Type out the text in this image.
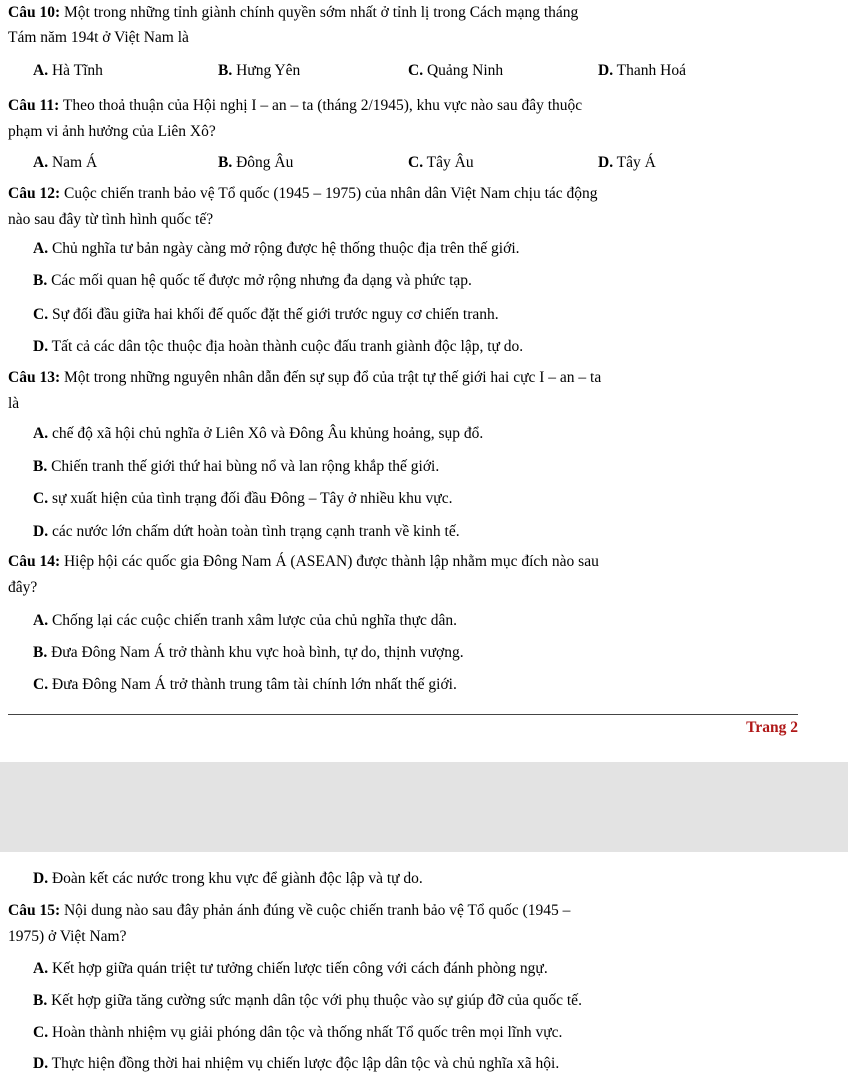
Câu 10: Một trong những tỉnh giành chính quyền sớm nhất ở tỉnh lị trong Cách mạng tháng
Tám năm 194t ở Việt Nam là
A. Hà Tĩnh	B. Hưng Yên	C. Quảng Ninh	D. Thanh Hoá
Câu 11: Theo thoả thuận của Hội nghị I – an – ta (tháng 2/1945), khu vực nào sau đây thuộc
phạm vi ảnh hưởng của Liên Xô?
A. Nam Á	B. Đông Âu	C. Tây Âu	D. Tây Á
Câu 12: Cuộc chiến tranh bảo vệ Tổ quốc (1945 – 1975) của nhân dân Việt Nam chịu tác động
nào sau đây từ tình hình quốc tế?
A. Chủ nghĩa tư bản ngày càng mở rộng được hệ thống thuộc địa trên thế giới.
B. Các mối quan hệ quốc tế được mở rộng nhưng đa dạng và phức tạp.
C. Sự đối đầu giữa hai khối đế quốc đặt thế giới trước nguy cơ chiến tranh.
D. Tất cả các dân tộc thuộc địa hoàn thành cuộc đấu tranh giành độc lập, tự do.
Câu 13: Một trong những nguyên nhân dẫn đến sự sụp đổ của trật tự thế giới hai cực I – an – ta
là
A. chế độ xã hội chủ nghĩa ở Liên Xô và Đông Âu khủng hoảng, sụp đổ.
B. Chiến tranh thế giới thứ hai bùng nổ và lan rộng khắp thế giới.
C. sự xuất hiện của tình trạng đối đầu Đông – Tây ở nhiều khu vực.
D. các nước lớn chấm dứt hoàn toàn tình trạng cạnh tranh về kinh tế.
Câu 14: Hiệp hội các quốc gia Đông Nam Á (ASEAN) được thành lập nhằm mục đích nào sau
đây?
A. Chống lại các cuộc chiến tranh xâm lược của chủ nghĩa thực dân.
B. Đưa Đông Nam Á trở thành khu vực hoà bình, tự do, thịnh vượng.
C. Đưa Đông Nam Á trở thành trung tâm tài chính lớn nhất thế giới.
Trang 2
D. Đoàn kết các nước trong khu vực để giành độc lập và tự do.
Câu 15: Nội dung nào sau đây phản ánh đúng về cuộc chiến tranh bảo vệ Tổ quốc (1945 –
1975) ở Việt Nam?
A. Kết hợp giữa quán triệt tư tưởng chiến lược tiến công với cách đánh phòng ngự.
B. Kết hợp giữa tăng cường sức mạnh dân tộc với phụ thuộc vào sự giúp đỡ của quốc tế.
C. Hoàn thành nhiệm vụ giải phóng dân tộc và thống nhất Tổ quốc trên mọi lĩnh vực.
D. Thực hiện đồng thời hai nhiệm vụ chiến lược độc lập dân tộc và chủ nghĩa xã hội.
